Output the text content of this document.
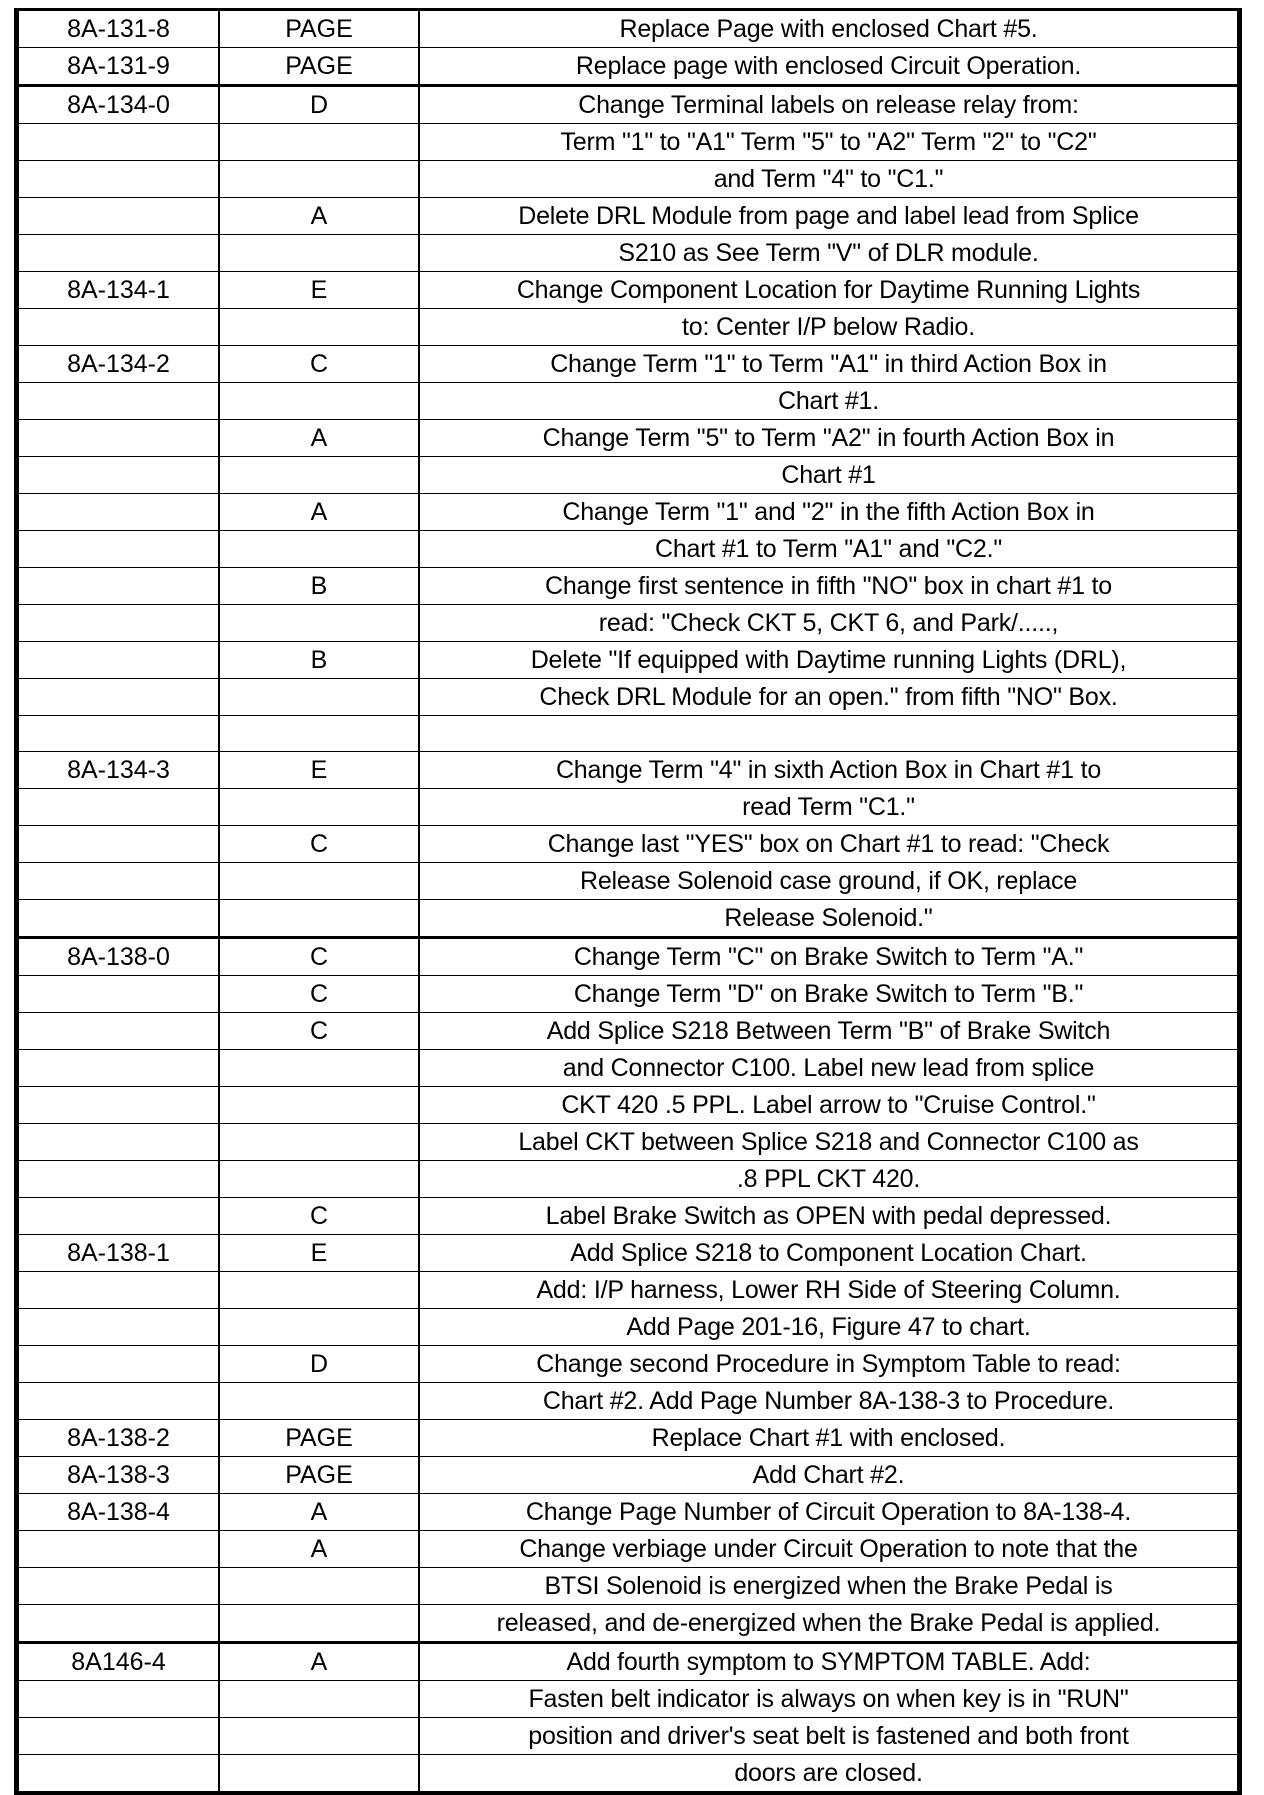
8A-131-8	PAGE	Replace Page with enclosed Chart #5.
8A-131-9	PAGE	Replace page with enclosed Circuit Operation.
8A-134-0	D	Change Terminal labels on release relay from:
		Term "1" to "A1" Term "5" to "A2" Term "2" to "C2"
		and Term "4" to "C1."
	A	Delete DRL Module from page and label lead from Splice
		S210 as See Term "V" of DLR module.
8A-134-1	E	Change Component Location for Daytime Running Lights
		to: Center I/P below Radio.
8A-134-2	C	Change Term "1" to Term "A1" in third Action Box in
		Chart #1.
	A	Change Term "5" to Term "A2" in fourth Action Box in
		Chart #1
	A	Change Term "1" and "2" in the fifth Action Box in
		Chart #1 to Term "A1" and "C2."
	B	Change first sentence in fifth "NO" box in chart #1 to
		read: "Check CKT 5, CKT 6, and Park/.....,
	B	Delete "If equipped with Daytime running Lights (DRL),
		Check DRL Module for an open." from fifth "NO" Box.

8A-134-3	E	Change Term "4" in sixth Action Box in Chart #1 to
		read Term "C1."
	C	Change last "YES" box on Chart #1 to read: "Check
		Release Solenoid case ground, if OK, replace
		Release Solenoid."
8A-138-0	C	Change Term "C" on Brake Switch to Term "A."
	C	Change Term "D" on Brake Switch to Term "B."
	C	Add Splice S218 Between Term "B" of Brake Switch
		and Connector C100. Label new lead from splice
		CKT 420 .5 PPL. Label arrow to "Cruise Control."
		Label CKT between Splice S218 and Connector C100 as
		.8 PPL CKT 420.
	C	Label Brake Switch as OPEN with pedal depressed.
8A-138-1	E	Add Splice S218 to Component Location Chart.
		Add: I/P harness, Lower RH Side of Steering Column.
		Add Page 201-16, Figure 47 to chart.
	D	Change second Procedure in Symptom Table to read:
		Chart #2. Add Page Number 8A-138-3 to Procedure.
8A-138-2	PAGE	Replace Chart #1 with enclosed.
8A-138-3	PAGE	Add Chart #2.
8A-138-4	A	Change Page Number of Circuit Operation to 8A-138-4.
	A	Change verbiage under Circuit Operation to note that the
		BTSI Solenoid is energized when the Brake Pedal is
		released, and de-energized when the Brake Pedal is applied.
8A146-4	A	Add fourth symptom to SYMPTOM TABLE. Add:
		Fasten belt indicator is always on when key is in "RUN"
		position and driver's seat belt is fastened and both front
		doors are closed.
